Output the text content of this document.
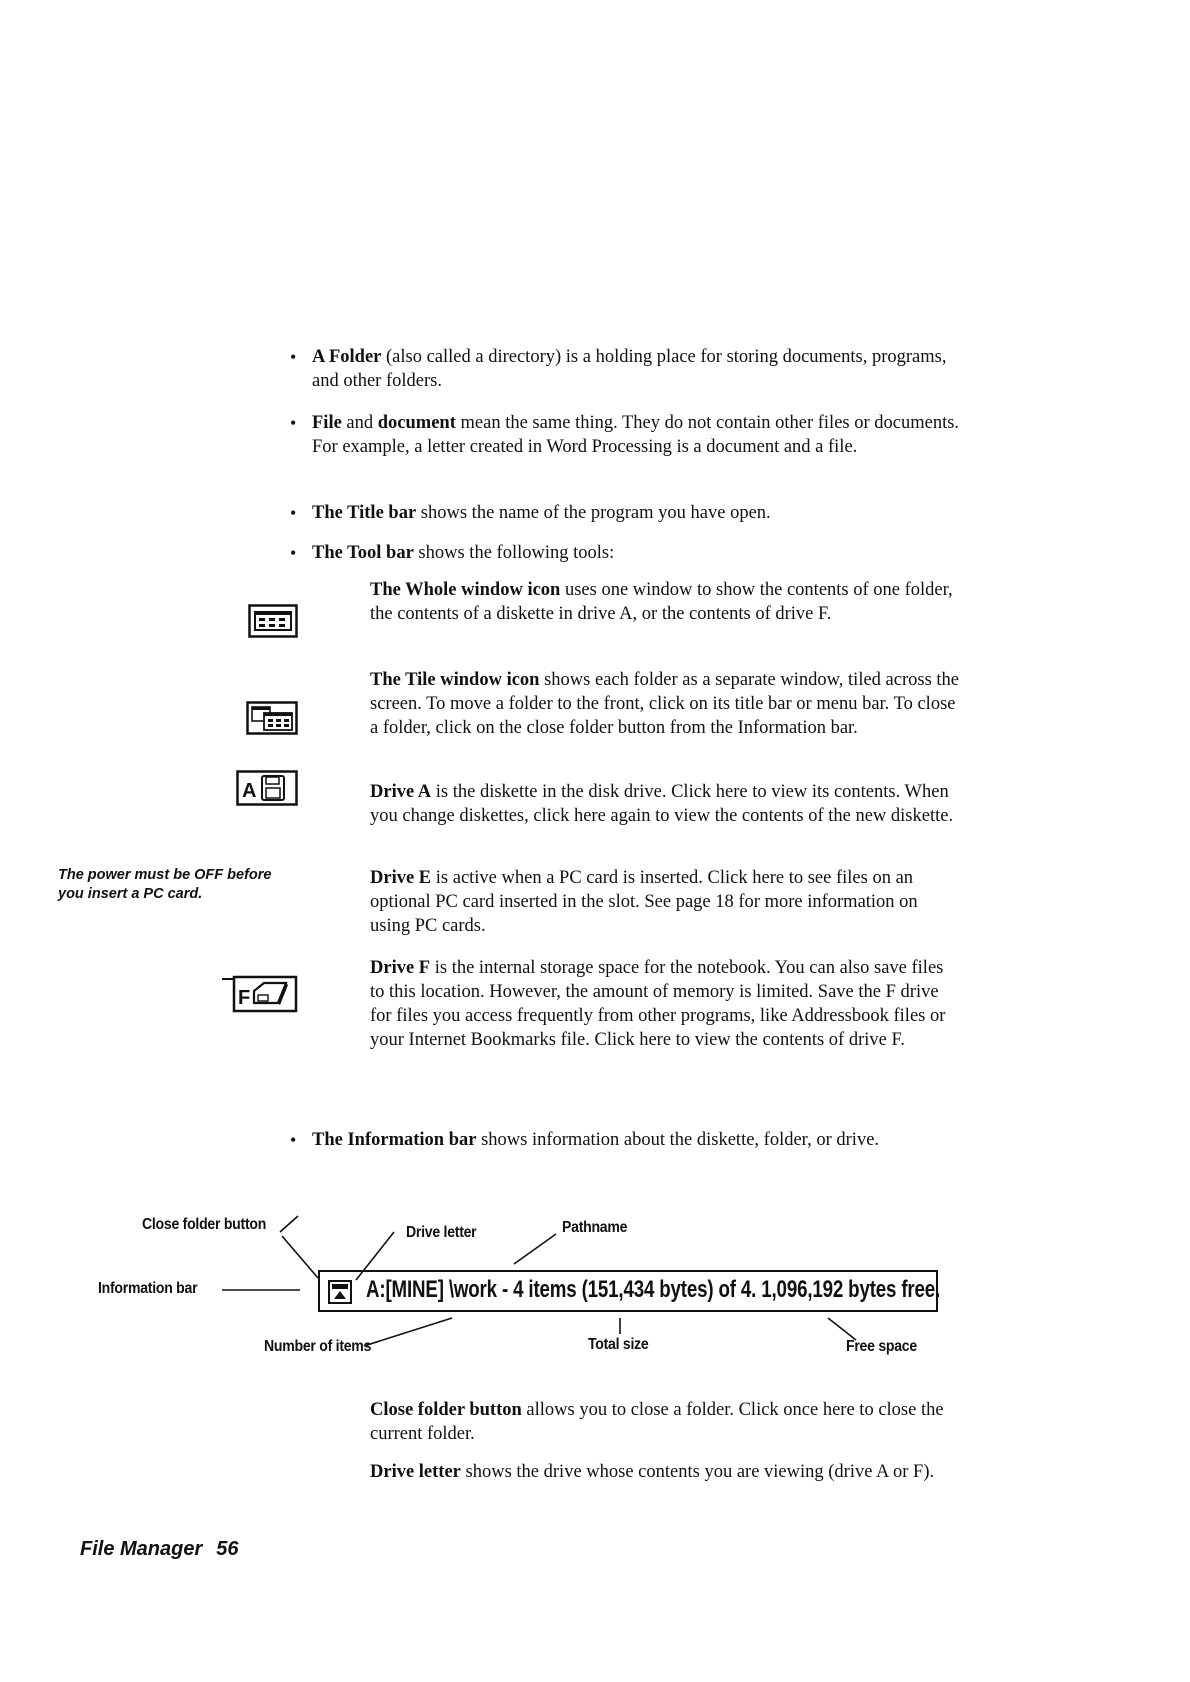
• A Folder (also called a directory) is a holding place for storing documents, programs, and other folders.

• File and document mean the same thing. They do not contain other files or documents. For example, a letter created in Word Processing is a document and a file.

• The Title bar shows the name of the program you have open.

• The Tool bar shows the following tools:

The Whole window icon uses one window to show the contents of one folder, the contents of a diskette in drive A, or the contents of drive F.

The Tile window icon shows each folder as a separate window, tiled across the screen. To move a folder to the front, click on its title bar or menu bar. To close a folder, click on the close folder button from the Information bar.

Drive A is the diskette in the disk drive. Click here to view its contents. When you change diskettes, click here again to view the contents of the new diskette.

Drive E is active when a PC card is inserted. Click here to see files on an optional PC card inserted in the slot. See page 18 for more information on using PC cards.

Drive F is the internal storage space for the notebook. You can also save files to this location. However, the amount of memory is limited. Save the F drive for files you access frequently from other programs, like Addressbook files or your Internet Bookmarks file. Click here to view the contents of drive F.

A
F
The power must be OFF before
you insert a PC card.
• The Information bar shows information about the diskette, folder, or drive.

Close folder button	Drive letter	Pathname
Information bar
Number of items	Total size	Free space
A:[MINE] \work - 4 items (151,434 bytes) of 4. 1,096,192 bytes free.

Close folder button allows you to close a folder. Click once here to close the current folder.

Drive letter shows the drive whose contents you are viewing (drive A or F).

File Manager 56
